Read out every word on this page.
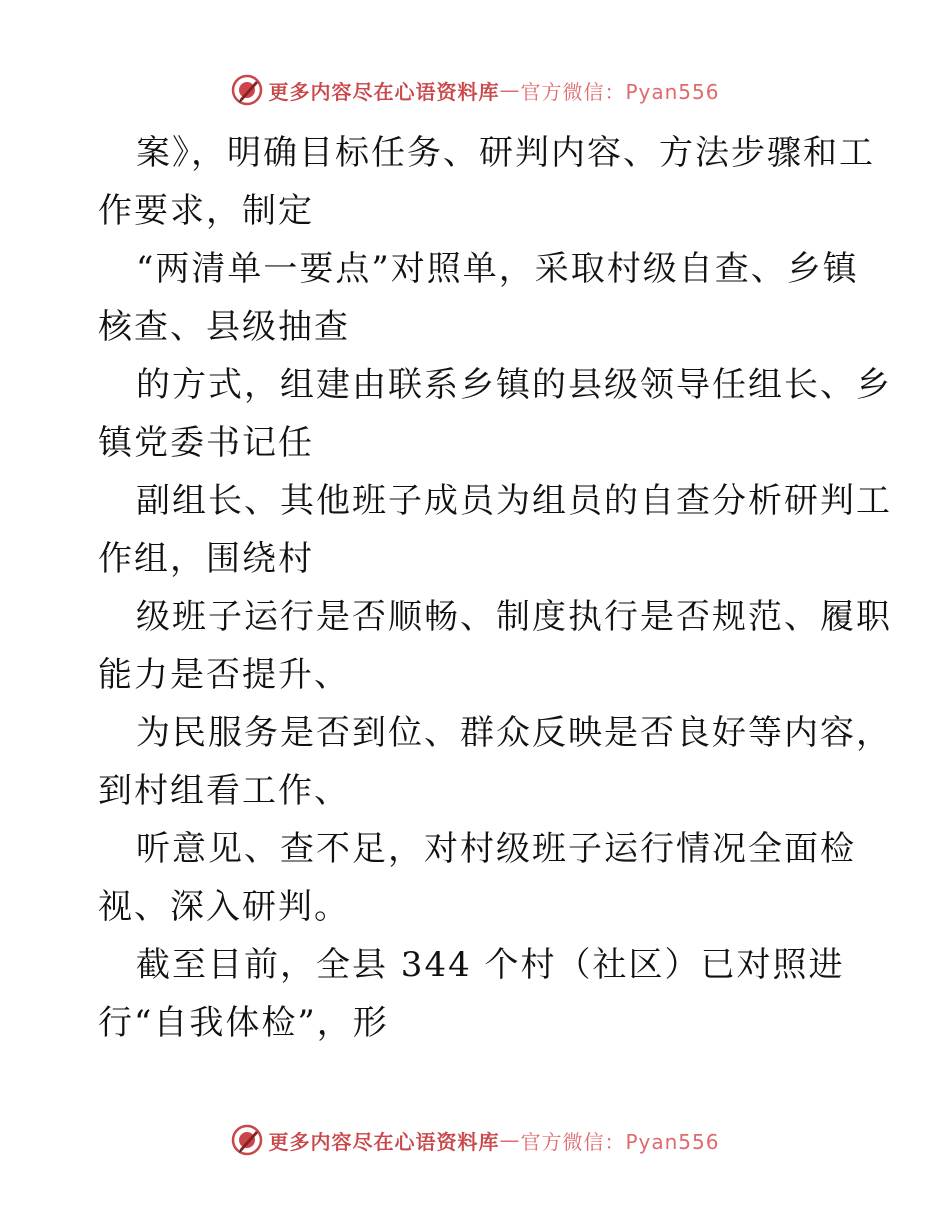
更多内容尽在心语资料库 — 官方微信：Pyan556

案》，明确目标任务、研判内容、方法步骤和工
作要求，制定

“两清单一要点”对照单，采取村级自查、乡镇
核查、县级抽查

的方式，组建由联系乡镇的县级领导任组长、乡
镇党委书记任

副组长、其他班子成员为组员的自查分析研判工
作组，围绕村

级班子运行是否顺畅、制度执行是否规范、履职
能力是否提升、

为民服务是否到位、群众反映是否良好等内容，
到村组看工作、

听意见、查不足，对村级班子运行情况全面检
视、深入研判。

截至目前，全县 344 个村（社区）已对照进
行“自我体检”，形

更多内容尽在心语资料库 — 官方微信：Pyan556
